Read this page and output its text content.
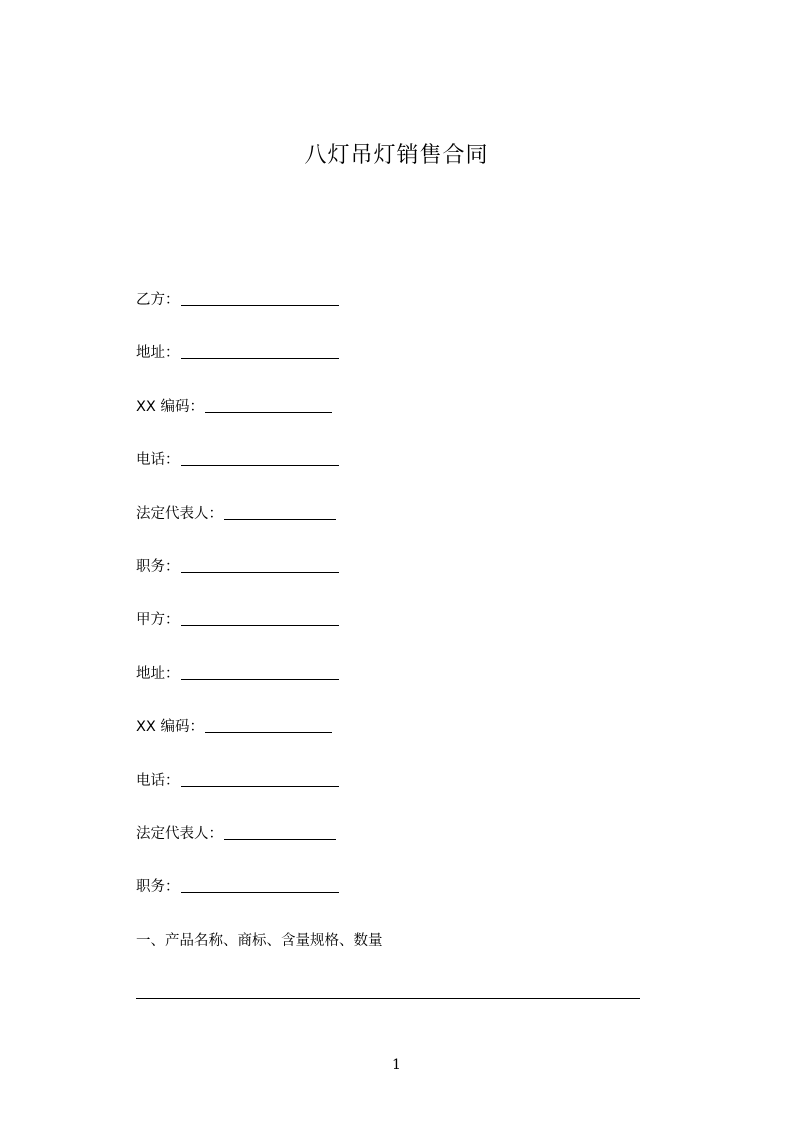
八灯吊灯销售合同
乙方：
地址：
XX 编码：
电话：
法定代表人：
职务：
甲方：
地址：
XX 编码：
电话：
法定代表人：
职务：
一、产品名称、商标、含量规格、数量
1
